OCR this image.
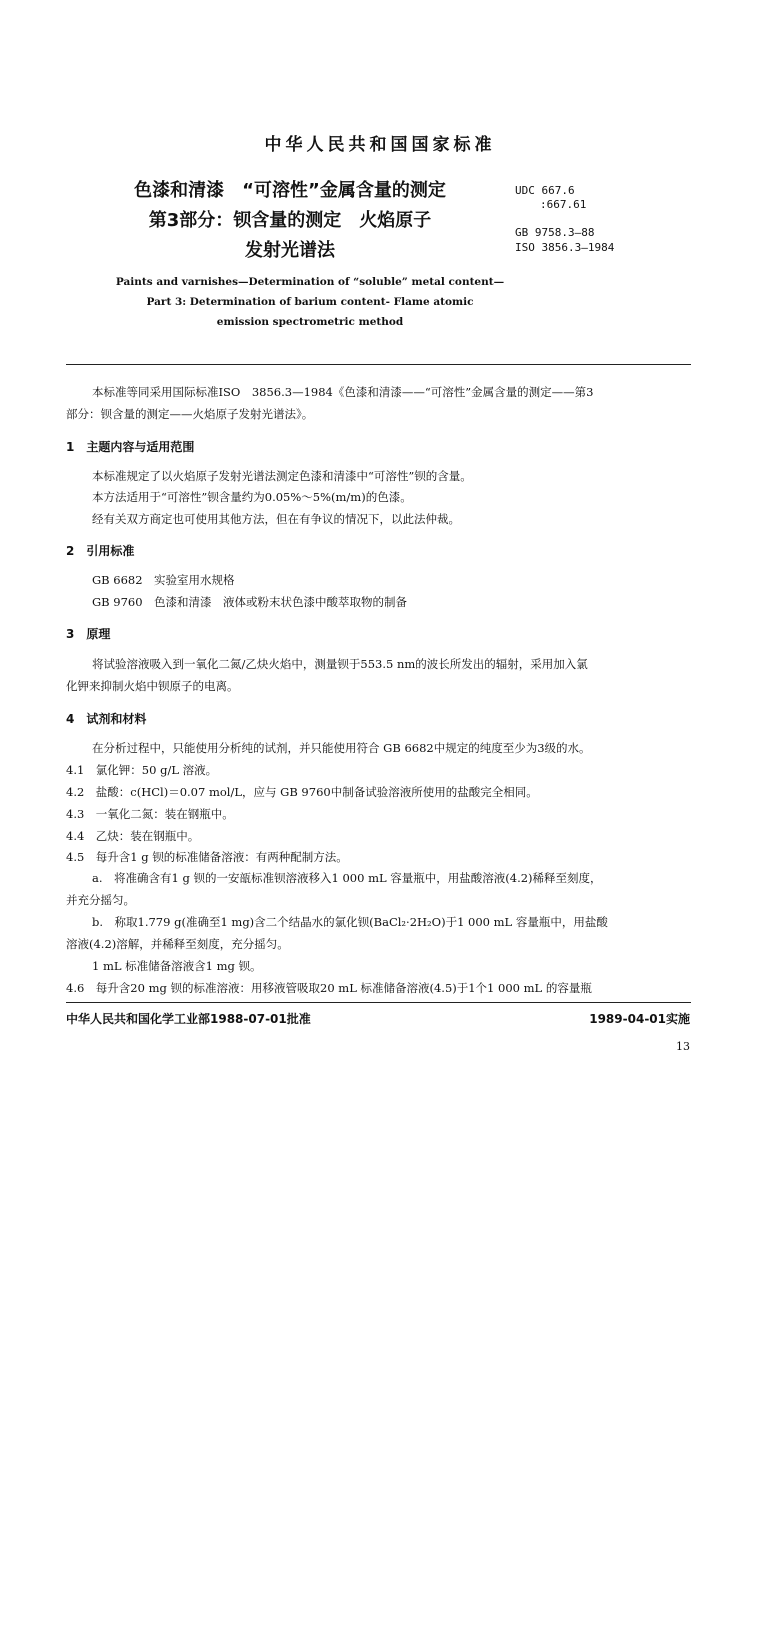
中华人民共和国国家标准
色漆和清漆　“可溶性”金属含量的测定
第3部分：钡含量的测定　火焰原子
发射光谱法
UDC 667.6
:667.61
GB 9758.3—88
ISO 3856.3—1984
Paints and varnishes—Determination of “soluble” metal content—
Part 3: Determination of barium content- Flame atomic
emission spectrometric method
本标准等同采用国际标准ISO　3856.3—1984《色漆和清漆——“可溶性”金属含量的测定——第3
部分：钡含量的测定——火焰原子发射光谱法》。
1　主题内容与适用范围
本标准规定了以火焰原子发射光谱法测定色漆和清漆中“可溶性”钡的含量。
本方法适用于“可溶性”钡含量约为0.05%～5%(m/m)的色漆。
经有关双方商定也可使用其他方法，但在有争议的情况下，以此法仲裁。
2　引用标准
GB 6682　实验室用水规格
GB 9760　色漆和清漆　液体或粉末状色漆中酸萃取物的制备
3　原理
将试验溶液吸入到一氧化二氮/乙炔火焰中，测量钡于553.5 nm的波长所发出的辐射，采用加入氯
化钾来抑制火焰中钡原子的电离。
4　试剂和材料
在分析过程中，只能使用分析纯的试剂，并只能使用符合 GB 6682中规定的纯度至少为3级的水。
4.1　氯化钾：50 g/L 溶液。
4.2　盐酸：c(HCl)＝0.07 mol/L，应与 GB 9760中制备试验溶液所使用的盐酸完全相同。
4.3　一氧化二氮：装在钢瓶中。
4.4　乙炔：装在钢瓶中。
4.5　每升含1 g 钡的标准储备溶液：有两种配制方法。
a.　将准确含有1 g 钡的一安瓿标准钡溶液移入1 000 mL 容量瓶中，用盐酸溶液(4.2)稀释至刻度，
并充分摇匀。
b.　称取1.779 g(准确至1 mg)含二个结晶水的氯化钡(BaCl₂·2H₂O)于1 000 mL 容量瓶中，用盐酸
溶液(4.2)溶解，并稀释至刻度，充分摇匀。
1 mL 标准储备溶液含1 mg 钡。
4.6　每升含20 mg 钡的标准溶液：用移液管吸取20 mL 标准储备溶液(4.5)于1个1 000 mL 的容量瓶
中华人民共和国化学工业部1988-07-01批准	1989-04-01实施
13
